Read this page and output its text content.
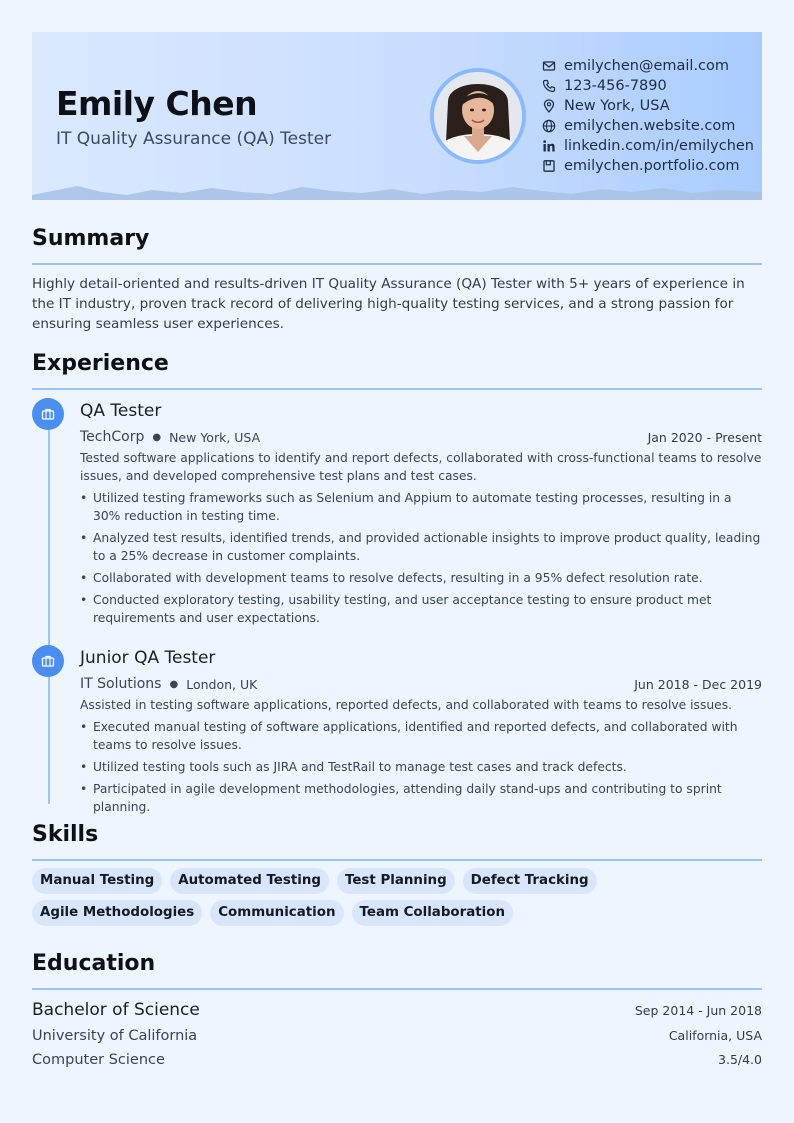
Emily Chen
IT Quality Assurance (QA) Tester
emilychen@email.com
123-456-7890
New York, USA
emilychen.website.com
linkedin.com/in/emilychen
emilychen.portfolio.com
Summary
Highly detail-oriented and results-driven IT Quality Assurance (QA) Tester with 5+ years of experience in the IT industry, proven track record of delivering high-quality testing services, and a strong passion for ensuring seamless user experiences.
Experience
QA Tester
TechCorp ● New York, USA	Jan 2020 - Present
Tested software applications to identify and report defects, collaborated with cross-functional teams to resolve issues, and developed comprehensive test plans and test cases.
• Utilized testing frameworks such as Selenium and Appium to automate testing processes, resulting in a 30% reduction in testing time.
• Analyzed test results, identified trends, and provided actionable insights to improve product quality, leading to a 25% decrease in customer complaints.
• Collaborated with development teams to resolve defects, resulting in a 95% defect resolution rate.
• Conducted exploratory testing, usability testing, and user acceptance testing to ensure product met requirements and user expectations.
Junior QA Tester
IT Solutions ● London, UK	Jun 2018 - Dec 2019
Assisted in testing software applications, reported defects, and collaborated with teams to resolve issues.
• Executed manual testing of software applications, identified and reported defects, and collaborated with teams to resolve issues.
• Utilized testing tools such as JIRA and TestRail to manage test cases and track defects.
• Participated in agile development methodologies, attending daily stand-ups and contributing to sprint planning.
Skills
Manual Testing	Automated Testing	Test Planning	Defect Tracking
Agile Methodologies	Communication	Team Collaboration
Education
Bachelor of Science	Sep 2014 - Jun 2018
University of California	California, USA
Computer Science	3.5/4.0
